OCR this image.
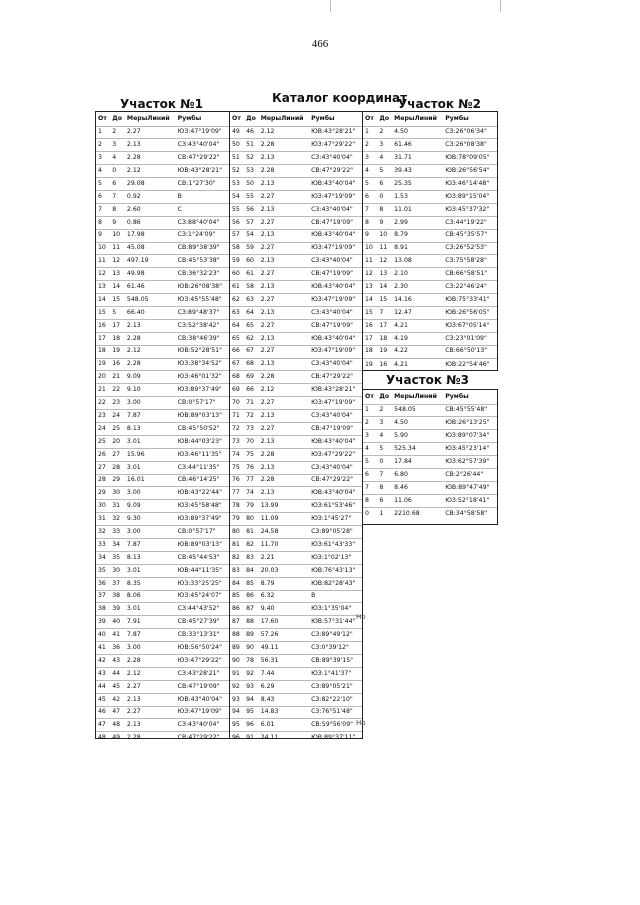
466
Каталог координат
Участок №1	Участок №2
От	До	МерыЛиний	Румбы
1	2	2.27	ЮЗ:47°19'09"
2	3	2.13	СЗ:43°40'04"
3	4	2.28	СВ:47°29'22"
4	0	2.12	ЮВ:43°28'21"
5	6	29.08	СВ:1°27'30"
6	7	0.92	В
7	8	2.60	С
8	9	0.86	СЗ:88°40'04"
9	10	17.98	СЗ:1°24'09"
10	11	45.08	СВ:89°38'39"
11	12	497.19	СВ:45°53'38"
12	13	49.98	СВ:36°32'23"
13	14	61.46	ЮВ:26°08'38"
14	15	548.05	ЮЗ:45°55'48"
15	5	66.40	СЗ:89°48'37"
16	17	2.13	СЗ:52°38'42"
17	18	2.28	СВ:38°46'39"
18	19	2.12	ЮВ:52°28'51"
19	16	2.28	ЮЗ:38°34'52"
20	21	9.09	ЮЗ:46°01'32"
21	22	9.10	ЮЗ:89°37'49"
22	23	3.00	СВ:0°57'17"
23	24	7.87	ЮВ:89°03'13"
24	25	8.13	СВ:45°50'52"
25	20	3.01	ЮВ:44°03'23"
26	27	15.96	ЮЗ:46°11'35"
27	28	3.01	СЗ:44°11'35"
28	29	16.01	СВ:46°14'25"
29	30	3.00	ЮВ:43°22'44"
30	31	9.09	ЮЗ:45°58'48"
31	32	9.30	ЮЗ:89°37'49"
32	33	3.00	СВ:0°57'17"
33	34	7.87	ЮВ:89°03'13"
34	35	8.13	СВ:45°44'53"
35	30	3.01	ЮВ:44°11'35"
36	37	8.35	ЮЗ:33°25'25"
37	38	8.06	ЮЗ:45°24'07"
38	39	3.01	СЗ:44°43'52"
39	40	7.91	СВ:45°27'39"
40	41	7.87	СВ:33°13'31"
41	36	3.00	ЮВ:56°50'24"
42	43	2.28	ЮЗ:47°29'22"
43	44	2.12	СЗ:43°28'21"
44	45	2.27	СВ:47°19'09"
45	42	2.13	ЮВ:43°40'04"
46	47	2.27	ЮЗ:47°19'09"
47	48	2.13	СЗ:43°40'04"
48	49	2.28	СВ:47°29'22"
От	До	МерыЛиний	Румбы
49	46	2.12	ЮВ:43°28'21"
50	51	2.28	ЮЗ:47°29'22"
51	52	2.13	СЗ:43°40'04"
52	53	2.28	СВ:47°29'22"
53	50	2.13	ЮВ:43°40'04"
54	55	2.27	ЮЗ:47°19'09"
55	56	2.13	СЗ:43°40'04"
56	57	2.27	СВ:47°19'09"
57	54	2.13	ЮВ:43°40'04"
58	59	2.27	ЮЗ:47°19'09"
59	60	2.13	СЗ:43°40'04"
60	61	2.27	СВ:47°19'09"
61	58	2.13	ЮВ:43°40'04"
62	63	2.27	ЮЗ:47°19'09"
63	64	2.13	СЗ:43°40'04"
64	65	2.27	СВ:47°19'09"
65	62	2.13	ЮВ:43°40'04"
66	67	2.27	ЮЗ:47°19'09"
67	68	2.13	СЗ:43°40'04"
68	69	2.28	СВ:47°29'22"
69	66	2.12	ЮВ:43°28'21"
70	71	2.27	ЮЗ:47°19'09"
71	72	2.13	СЗ:43°40'04"
72	73	2.27	СВ:47°19'09"
73	70	2.13	ЮВ:43°40'04"
74	75	2.28	ЮЗ:47°29'22"
75	76	2.13	СЗ:43°40'04"
76	77	2.28	СВ:47°29'22"
77	74	2.13	ЮВ:43°40'04"
78	79	13.99	ЮЗ:61°53'46"
79	80	11.09	ЮЗ:1°45'27"
80	81	24.58	СЗ:89°05'28"
81	82	11.70	ЮЗ:61°43'33"
82	83	2.21	ЮЗ:1°02'13"
83	84	20.03	ЮВ:76°43'13"
84	85	8.79	ЮВ:82°28'43"
85	86	6.32	В
86	87	9.40	ЮЗ:1°35'04"
87	88	17.60	ЮВ:57°31'44"
88	89	57.26	СЗ:89°49'12"
89	90	49.11	СЗ:0°39'12"
90	78	56.31	СВ:89°39'15"
91	92	7.44	ЮЗ:1°41'37"
92	93	6.29	СЗ:89°05'21"
93	94	8.43	СЗ:82°22'10"
94	95	14.83	СЗ:76°51'48"
95	96	6.01	СВ:59°56'09"
96	91	24.11	ЮВ:89°37'11"
От	До	МерыЛиний	Румбы
1	2	4.50	СЗ:26°06'34"
2	3	61.46	СЗ:26°08'38"
3	4	31.71	ЮВ:78°09'05"
4	5	39.43	ЮВ:26°56'54"
5	6	25.35	ЮЗ:46°14'48"
6	0	1.53	ЮЗ:89°15'04"
7	8	11.01	ЮЗ:45°37'32"
8	9	2.99	СЗ:44°19'22"
9	10	8.79	СВ:45°35'57"
10	11	8.91	СЗ:26°52'53"
11	12	13.08	СЗ:75°58'28"
12	13	2.10	СВ:66°58'51"
13	14	2.30	СЗ:22°46'24"
14	15	14.16	ЮВ:75°33'41"
15	7	12.47	ЮВ:26°56'05"
16	17	4.21	ЮЗ:67°05'14"
17	18	4.19	СЗ:23°01'09"
18	19	4.22	СВ:66°50'13"
19	16	4.21	ЮВ:22°54'46"
Участок №3
От	До	МерыЛиний	Румбы
1	2	548.05	СВ:45°55'48"
2	3	4.50	ЮВ:26°13'25"
3	4	5.90	ЮЗ:89°07'34"
4	5	525.34	ЮЗ:45°23'14"
5	0	17.84	ЮЗ:62°57'39"
6	7	6.80	СВ:2°26'44"
7	8	8.46	ЮВ:89°47'49"
8	6	11.06	ЮЗ:52°18'41"
0	1	2210.68	СВ:34°58'58"
Но
Но
